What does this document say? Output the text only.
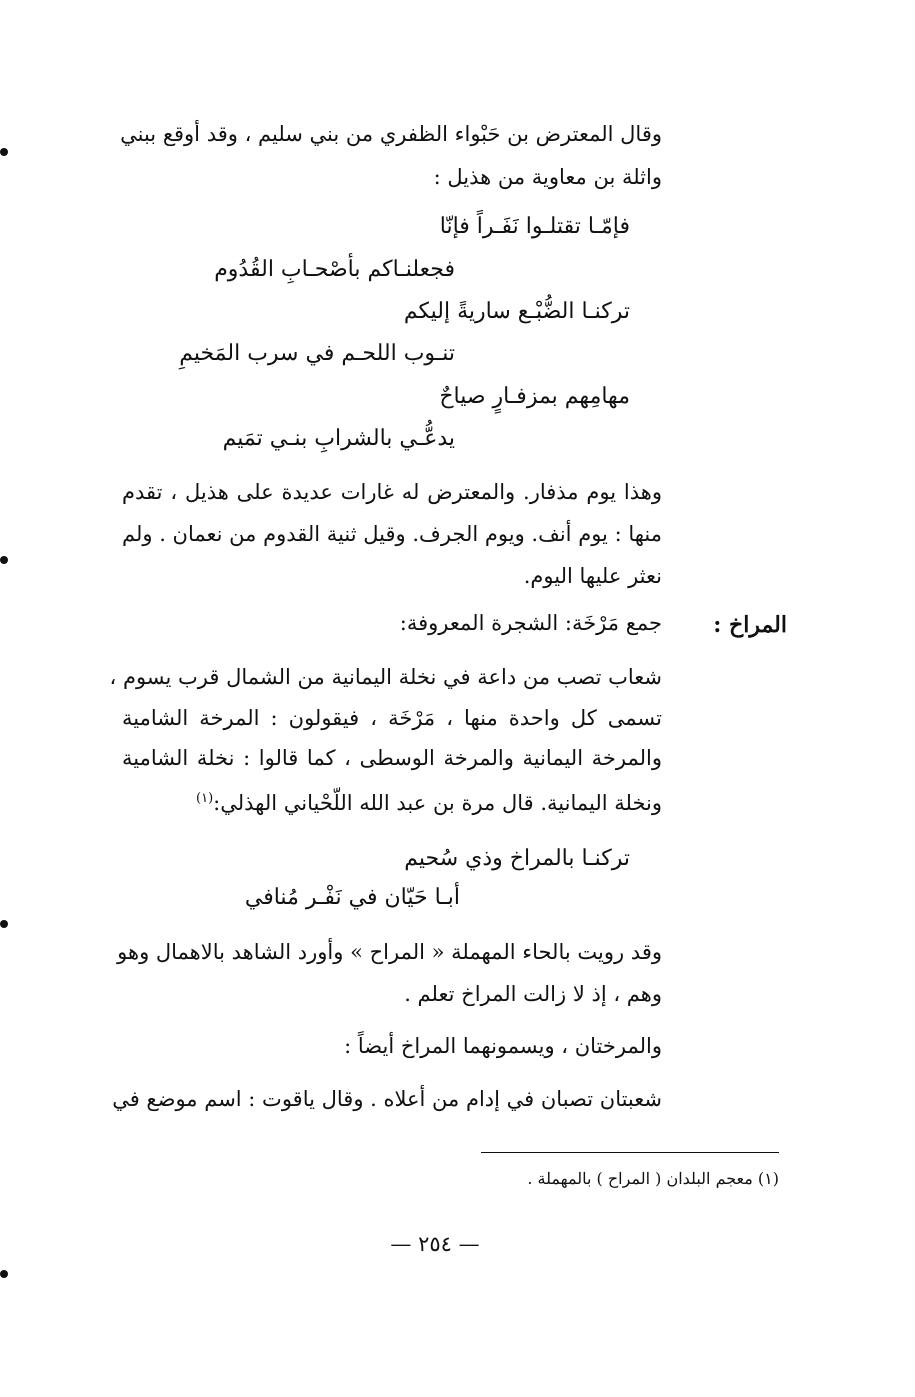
وقال المعترض بن حَبْواء الظفري من بني سليم ، وقد أوقع ببني
واثلة بن معاوية من هذيل :
فإمّـا تقتلـوا نَفَـراً فإنّا
فجعلنـاكم بأصْحـابِ القُدُوم
تركنـا الضُّبْـع ساريةً إليكم
تنـوب اللحـم في سرب المَخيمِ
مهامِهم بمزفـارٍ صياحٌ
يدعُّـي بالشرابِ بنـي تمَيم
وهذا يوم مذفار. والمعترض له غارات عديدة على هذيل ، تقدم
منها : يوم أنف. ويوم الجرف. وقيل ثنية القدوم من نعمان . ولم
نعثر عليها اليوم.
المراخ :
جمع مَرْخَة: الشجرة المعروفة:
شعاب تصب من داعة في نخلة اليمانية من الشمال قرب يسوم ،
تسمى كل واحدة منها ، مَرْخَة ، فيقولون : المرخة الشامية
والمرخة اليمانية والمرخة الوسطى ، كما قالوا : نخلة الشامية
ونخلة اليمانية. قال مرة بن عبد الله اللّحْياني الهذلي:$^{(١)}$
تركنـا بالمراخ وذي سُحيم
أبـا حَيّان في نَفْـر مُنافي
وقد رويت بالحاء المهملة « المراح » وأورد الشاهد بالاهمال وهو
وهم ، إذ لا زالت المراخ تعلم .
والمرختان ، ويسمونهما المراخ أيضاً :
شعبتان تصبان في إدام من أعلاه . وقال ياقوت : اسم موضع في
(١) معجم البلدان ( المراح ) بالمهملة .
— ٢٥٤ —
